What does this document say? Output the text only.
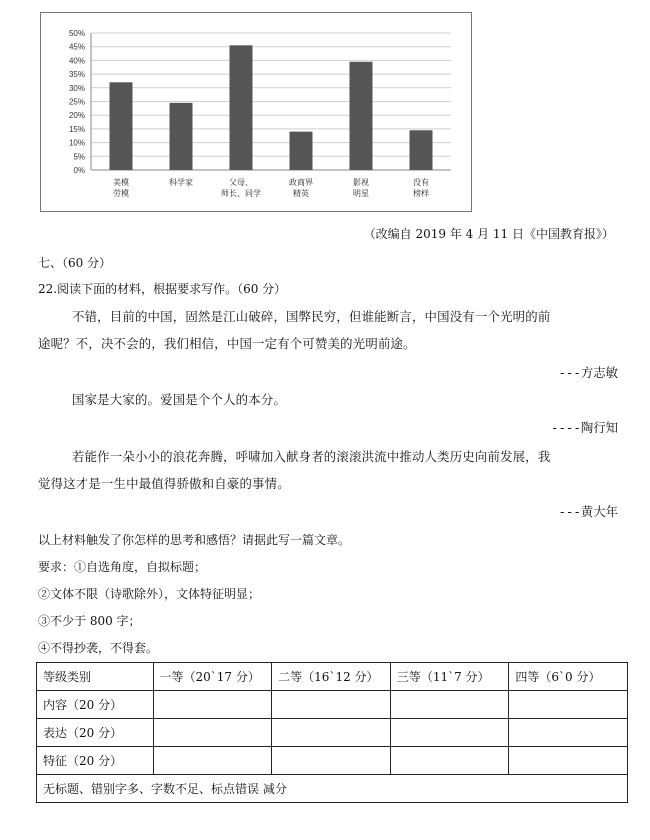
0%
5%
10%
15%
20%
25%
30%
35%
40%
45%
50%
美模劳模
科学家	父母、师长、同学
政商界精英
影视明星
没有榜样
（改编自 2019 年 4 月 11 日《中国教育报》）
七、（60 分）
22.阅读下面的材料，根据要求写作。（60 分）
不错，目前的中国，固然是江山破碎，国弊民穷，但谁能断言，中国没有一个光明的前
途呢？不，决不会的，我们相信，中国一定有个可赞美的光明前途。
---方志敏
国家是大家的。爱国是个个人的本分。
----陶行知
若能作一朵小小的浪花奔腾，呼啸加入献身者的滚滚洪流中推动人类历史向前发展，我
觉得这才是一生中最值得骄傲和自豪的事情。
---黄大年
以上材料触发了你怎样的思考和感悟？请据此写一篇文章。
要求：①自选角度，自拟标题；
②文体不限（诗歌除外），文体特征明显；
③不少于 800 字；
④不得抄袭，不得套。
等级类别	一等（20`17 分）	二等（16`12 分）	三等（11`7 分）	四等（6`0 分）
内容（20 分）				
表达（20 分）				
特征（20 分）				
无标题、错别字多、字数不足、标点错误 减分				
